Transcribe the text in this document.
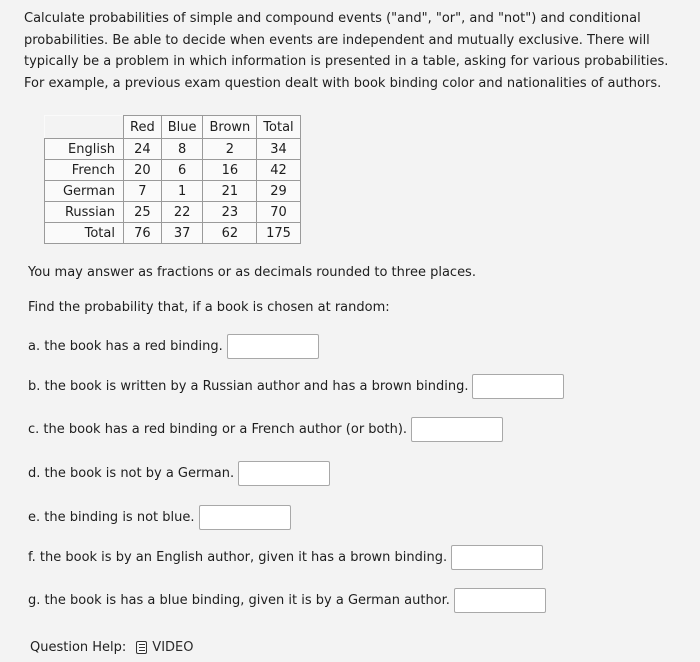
Calculate probabilities of simple and compound events ("and", "or", and "not") and conditional probabilities. Be able to decide when events are independent and mutually exclusive. There will typically be a problem in which information is presented in a table, asking for various probabilities. For example, a previous exam question dealt with book binding color and nationalities of authors.

	Red	Blue	Brown	Total
English	24	8	2	34
French	20	6	16	42
German	7	1	21	29
Russian	25	22	23	70
Total	76	37	62	175
You may answer as fractions or as decimals rounded to three places.
Find the probability that, if a book is chosen at random:
a. the book has a red binding.
b. the book is written by a Russian author and has a brown binding.
c. the book has a red binding or a French author (or both).
d. the book is not by a German.
e. the binding is not blue.
f. the book is by an English author, given it has a brown binding.
g. the book is has a blue binding, given it is by a German author.
Question Help: VIDEO
